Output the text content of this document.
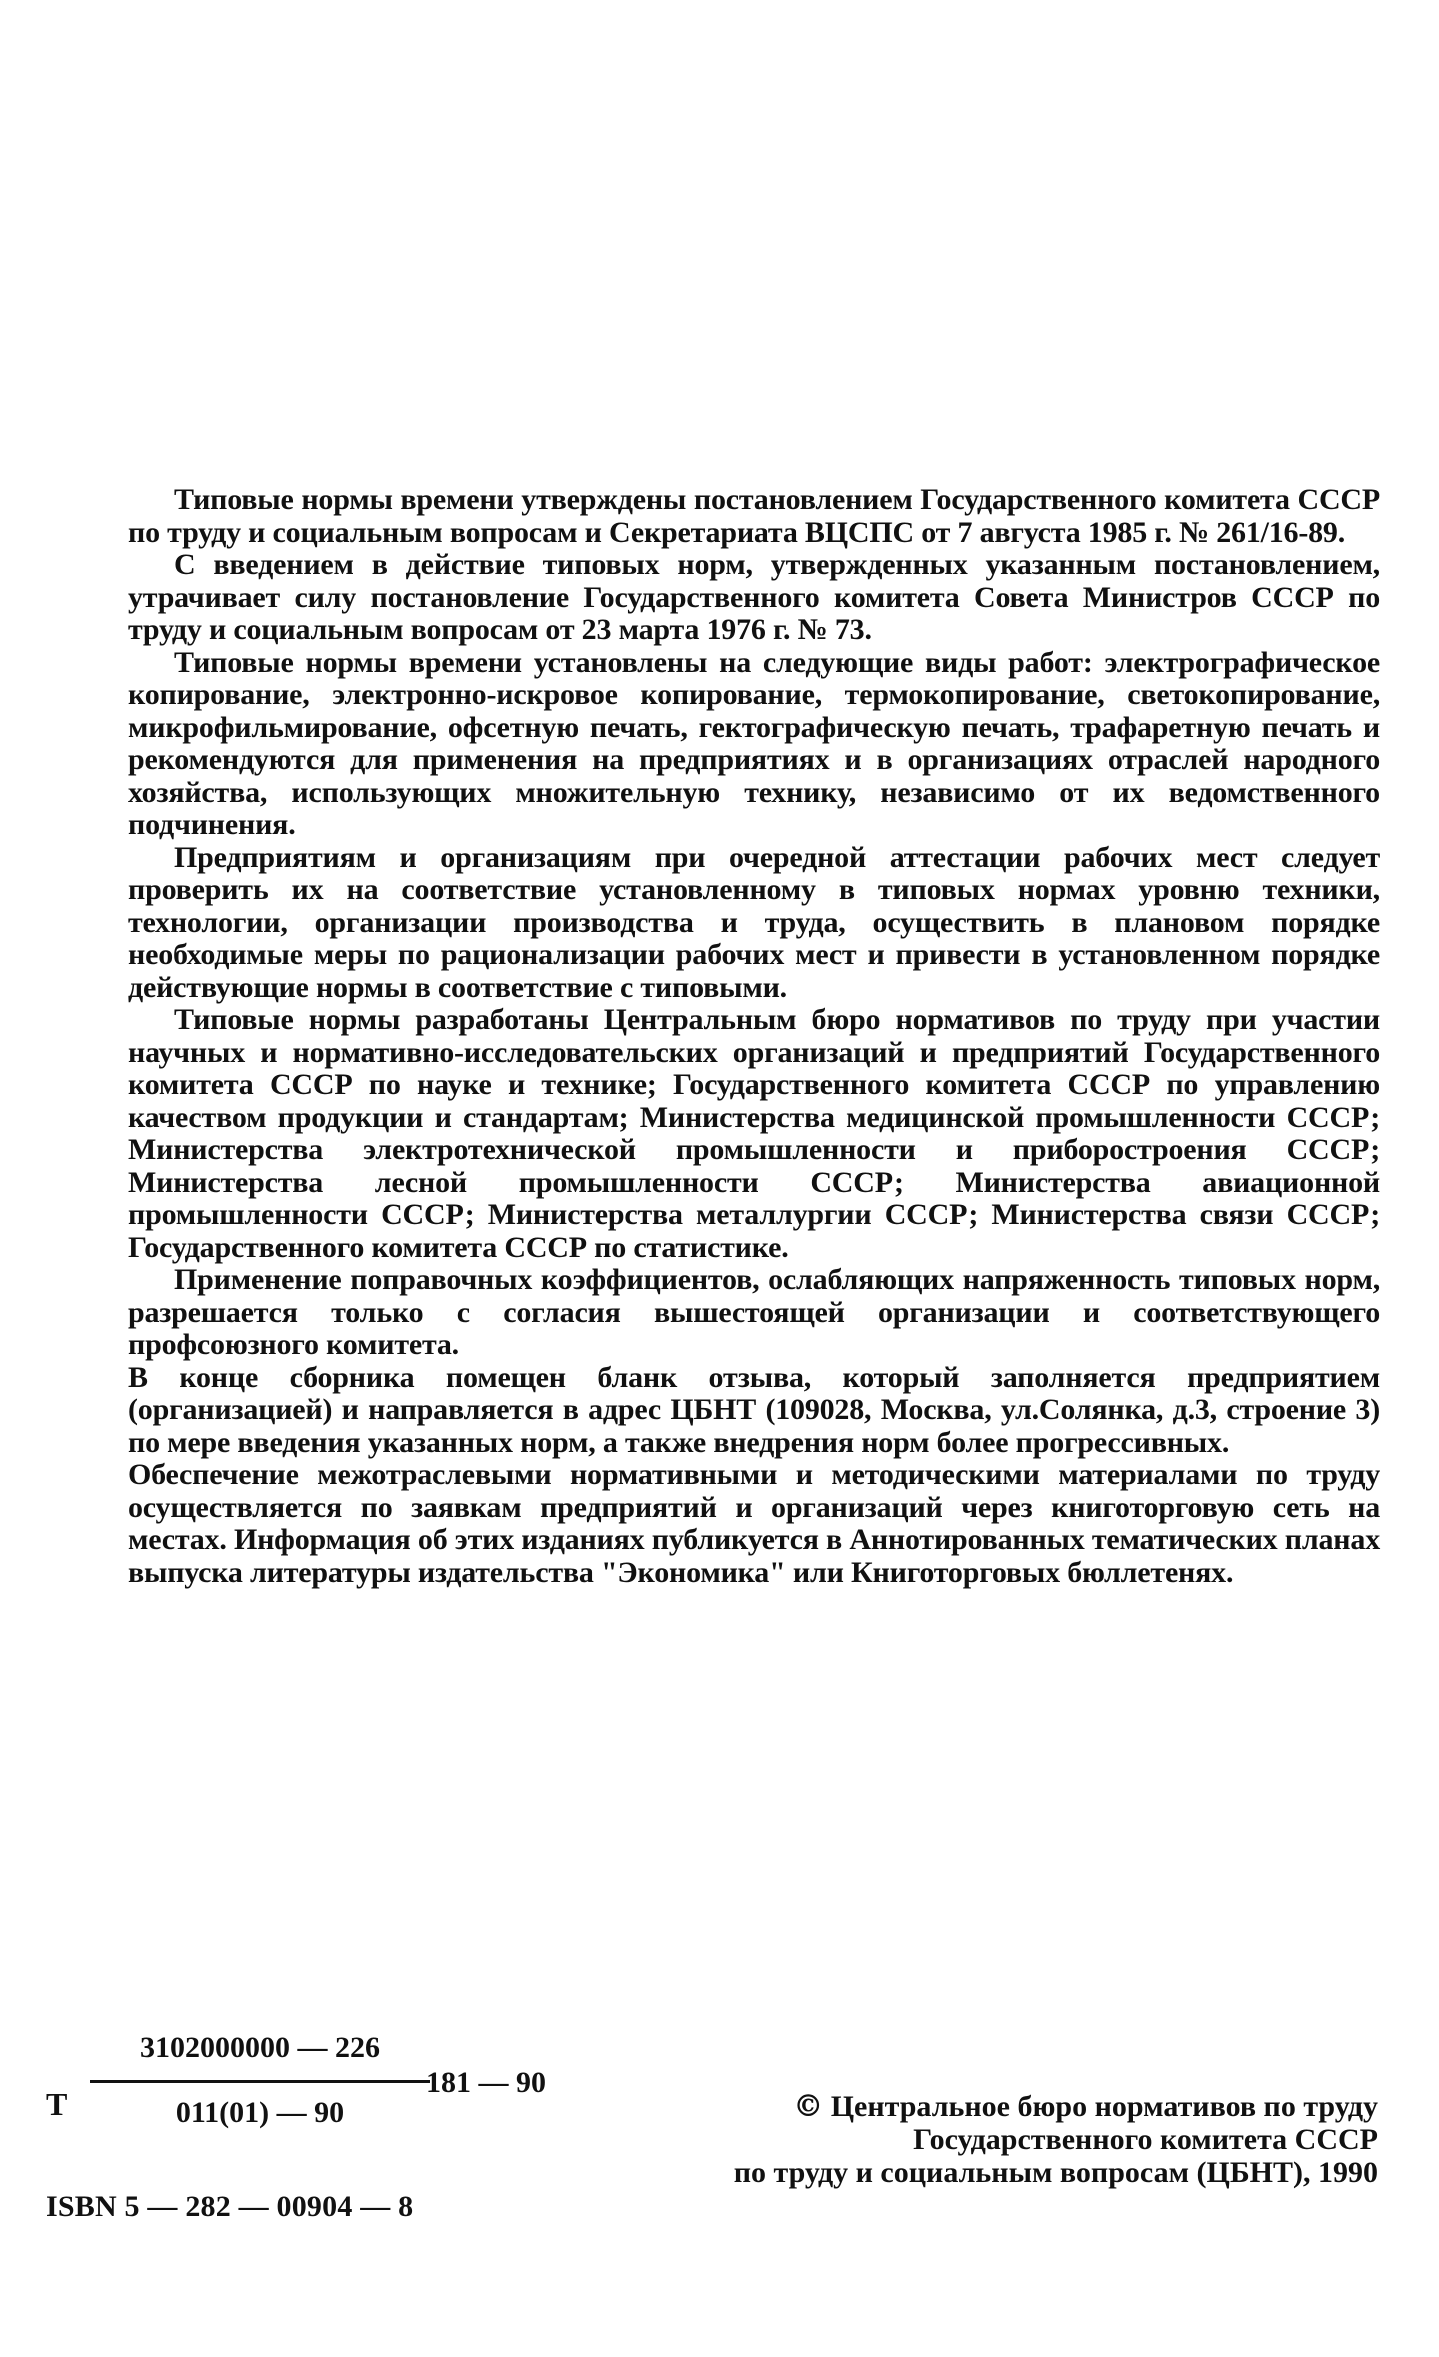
Типовые нормы времени утверждены постановлением Государственного комитета СССР по труду и социальным вопросам и Секретариата ВЦСПС от 7 августа 1985 г. № 261/16-89.

С введением в действие типовых норм, утвержденных указанным постановлением, утрачивает силу постановление Государственного комитета Совета Министров СССР по труду и социальным вопросам от 23 марта 1976 г. № 73.

Типовые нормы времени установлены на следующие виды работ: электрографическое копирование, электронно-искровое копирование, термокопирование, светокопирование, микрофильмирование, офсетную печать, гектографическую печать, трафаретную печать и рекомендуются для применения на предприятиях и в организациях отраслей народного хозяйства, использующих множительную технику, независимо от их ведомственного подчинения.

Предприятиям и организациям при очередной аттестации рабочих мест следует проверить их на соответствие установленному в типовых нормах уровню техники, технологии, организации производства и труда, осуществить в плановом порядке необходимые меры по рационализации рабочих мест и привести в установленном порядке действующие нормы в соответствие с типовыми.

Типовые нормы разработаны Центральным бюро нормативов по труду при участии научных и нормативно-исследовательских организаций и предприятий Государственного комитета СССР по науке и технике; Государственного комитета СССР по управлению качеством продукции и стандартам; Министерства медицинской промышленности СССР; Министерства электротехнической промышленности и приборостроения СССР; Министерства лесной промышленности СССР; Министерства авиационной промышленности СССР; Министерства металлургии СССР; Министерства связи СССР; Государственного комитета СССР по статистике.

Применение поправочных коэффициентов, ослабляющих напряженность типовых норм, разрешается только с согласия вышестоящей организации и соответствующего профсоюзного комитета.

В конце сборника помещен бланк отзыва, который заполняется предприятием (организацией) и направляется в адрес ЦБНТ (109028, Москва, ул.Солянка, д.3, строение 3) по мере введения указанных норм, а также внедрения норм более прогрессивных.

Обеспечение межотраслевыми нормативными и методическими материалами по труду осуществляется по заявкам предприятий и организаций через книготорговую сеть на местах. Информация об этих изданиях публикуется в Аннотированных тематических планах выпуска литературы издательства "Экономика" или Книготорговых бюллетенях.

Т
3102000000 — 226
011(01) — 90
181 — 90
ISBN 5 — 282 — 00904 — 8
© Центральное бюро нормативов по труду
Государственного комитета СССР
по труду и социальным вопросам (ЦБНТ), 1990
